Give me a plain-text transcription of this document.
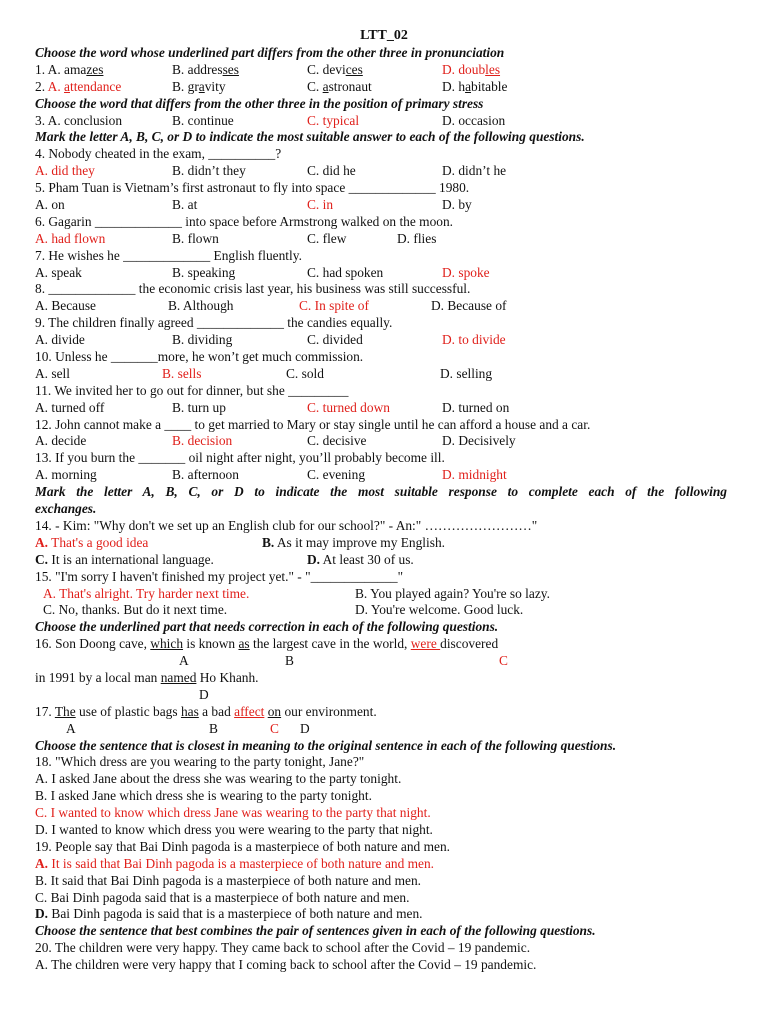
LTT_02
Choose the word whose underlined part differs from the other three in pronunciation
1. A. amazes	B. addresses	C. devices	D. doubles
2. A. attendance	B. gravity	C. astronaut	D. habitable
Choose the word that differs from the other three in the position of primary stress
3. A. conclusion	B. continue	C. typical	D. occasion
Mark the letter A, B, C, or D to indicate the most suitable answer to each of the following questions.
4. Nobody cheated in the exam, __________?
A. did they	B. didn’t they	C. did he	D. didn’t he
5. Pham Tuan is Vietnam’s first astronaut to fly into space _____________ 1980.
A. on	B. at	C. in	D. by
6. Gagarin _____________ into space before Armstrong walked on the moon.
A. had flown	B. flown	C. flew	D. flies
7. He wishes he _____________ English fluently.
A. speak	B. speaking	C. had spoken	D. spoke
8. _____________ the economic crisis last year, his business was still successful.
A. Because	B. Although	C. In spite of	D. Because of
9. The children finally agreed _____________ the candies equally.
A. divide	B. dividing	C. divided	D. to divide
10. Unless he _______more, he won’t get much commission.
A. sell	B. sells	C. sold	D. selling
11. We invited her to go out for dinner, but she _________
A. turned off	B. turn up	C. turned down	D. turned on
12. John cannot make a ____ to get married to Mary or stay single until he can afford a house and a car.
A. decide	B. decision	C. decisive	D. Decisively
13. If you burn the _______ oil night after night, you’ll probably become ill.
A. morning	B. afternoon	C. evening	D. midnight
Mark the letter A, B, C, or D to indicate the most suitable response to complete each of the following
exchanges.
14. - Kim: "Why don't we set up an English club for our school?" - An:" ……………………"
A. That's a good idea	B. As it may improve my English.
C. It is an international language.	D. At least 30 of us.
15. "I'm sorry I haven't finished my project yet." - "_____________"
A. That's alright. Try harder next time.	B. You played again? You're so lazy.
C. No, thanks. But do it next time.	D. You're welcome. Good luck.
Choose the underlined part that needs correction in each of the following questions.
16. Son Doong cave, which is known as the largest cave in the world, were discovered
A	B	C
in 1991 by a local man named Ho Khanh.
D
17. The use of plastic bags has a bad affect on our environment.
A	B	C D
Choose the sentence that is closest in meaning to the original sentence in each of the following questions.
18. "Which dress are you wearing to the party tonight, Jane?"
A. I asked Jane about the dress she was wearing to the party tonight.
B. I asked Jane which dress she is wearing to the party tonight.
C. I wanted to know which dress Jane was wearing to the party that night.
D. I wanted to know which dress you were wearing to the party that night.
19. People say that Bai Dinh pagoda is a masterpiece of both nature and men.
A. It is said that Bai Dinh pagoda is a masterpiece of both nature and men.
B. It said that Bai Dinh pagoda is a masterpiece of both nature and men.
C. Bai Dinh pagoda said that is a masterpiece of both nature and men.
D. Bai Dinh pagoda is said that is a masterpiece of both nature and men.
Choose the sentence that best combines the pair of sentences given in each of the following questions.
20. The children were very happy. They came back to school after the Covid – 19 pandemic.
A. The children were very happy that I coming back to school after the Covid – 19 pandemic.
